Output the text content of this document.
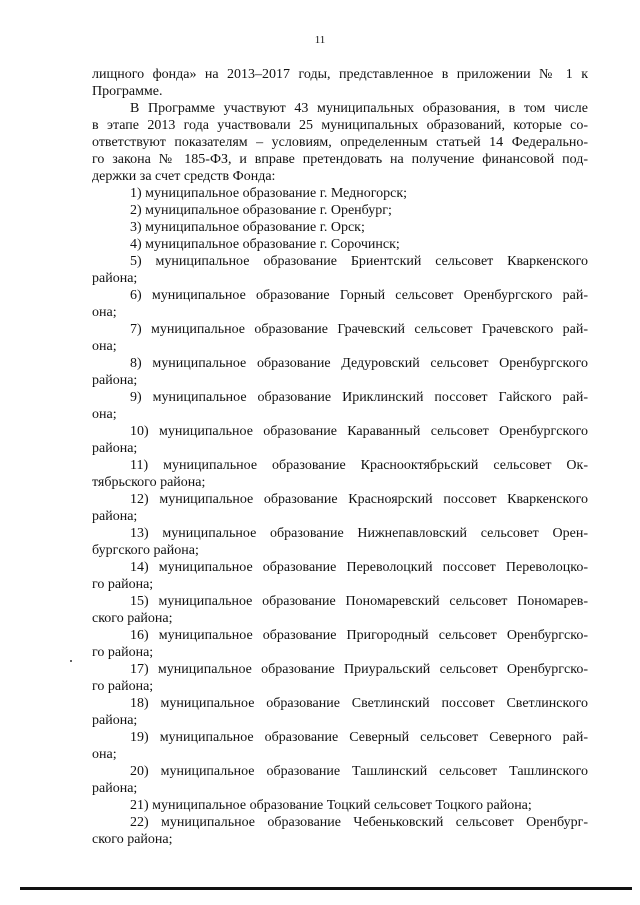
11
лищного фонда» на 2013–2017 годы, представленное в приложении № 1 к
Программе.
В Программе участвуют 43 муниципальных образования, в том числе
в этапе 2013 года участвовали 25 муниципальных образований, которые со-
ответствуют показателям – условиям, определенным статьей 14 Федерально-
го закона № 185-ФЗ, и вправе претендовать на получение финансовой под-
держки за счет средств Фонда:
1) муниципальное образование г. Медногорск;
2) муниципальное образование г. Оренбург;
3) муниципальное образование г. Орск;
4) муниципальное образование г. Сорочинск;
5) муниципальное образование Бриентский сельсовет Кваркенского
района;
6) муниципальное образование Горный сельсовет Оренбургского рай-
она;
7) муниципальное образование Грачевский сельсовет Грачевского рай-
она;
8) муниципальное образование Дедуровский сельсовет Оренбургского
района;
9) муниципальное образование Ириклинский поссовет Гайского рай-
она;
10) муниципальное образование Караванный сельсовет Оренбургского
района;
11) муниципальное образование Краснооктябрьский сельсовет Ок-
тябрьского района;
12) муниципальное образование Красноярский поссовет Кваркенского
района;
13) муниципальное образование Нижнепавловский сельсовет Орен-
бургского района;
14) муниципальное образование Переволоцкий поссовет Переволоцко-
го района;
15) муниципальное образование Пономаревский сельсовет Пономарев-
ского района;
16) муниципальное образование Пригородный сельсовет Оренбургско-
го района;
17) муниципальное образование Приуральский сельсовет Оренбургско-
го района;
18) муниципальное образование Светлинский поссовет Светлинского
района;
19) муниципальное образование Северный сельсовет Северного рай-
она;
20) муниципальное образование Ташлинский сельсовет Ташлинского
района;
21) муниципальное образование Тоцкий сельсовет Тоцкого района;
22) муниципальное образование Чебеньковский сельсовет Оренбург-
ского района;
